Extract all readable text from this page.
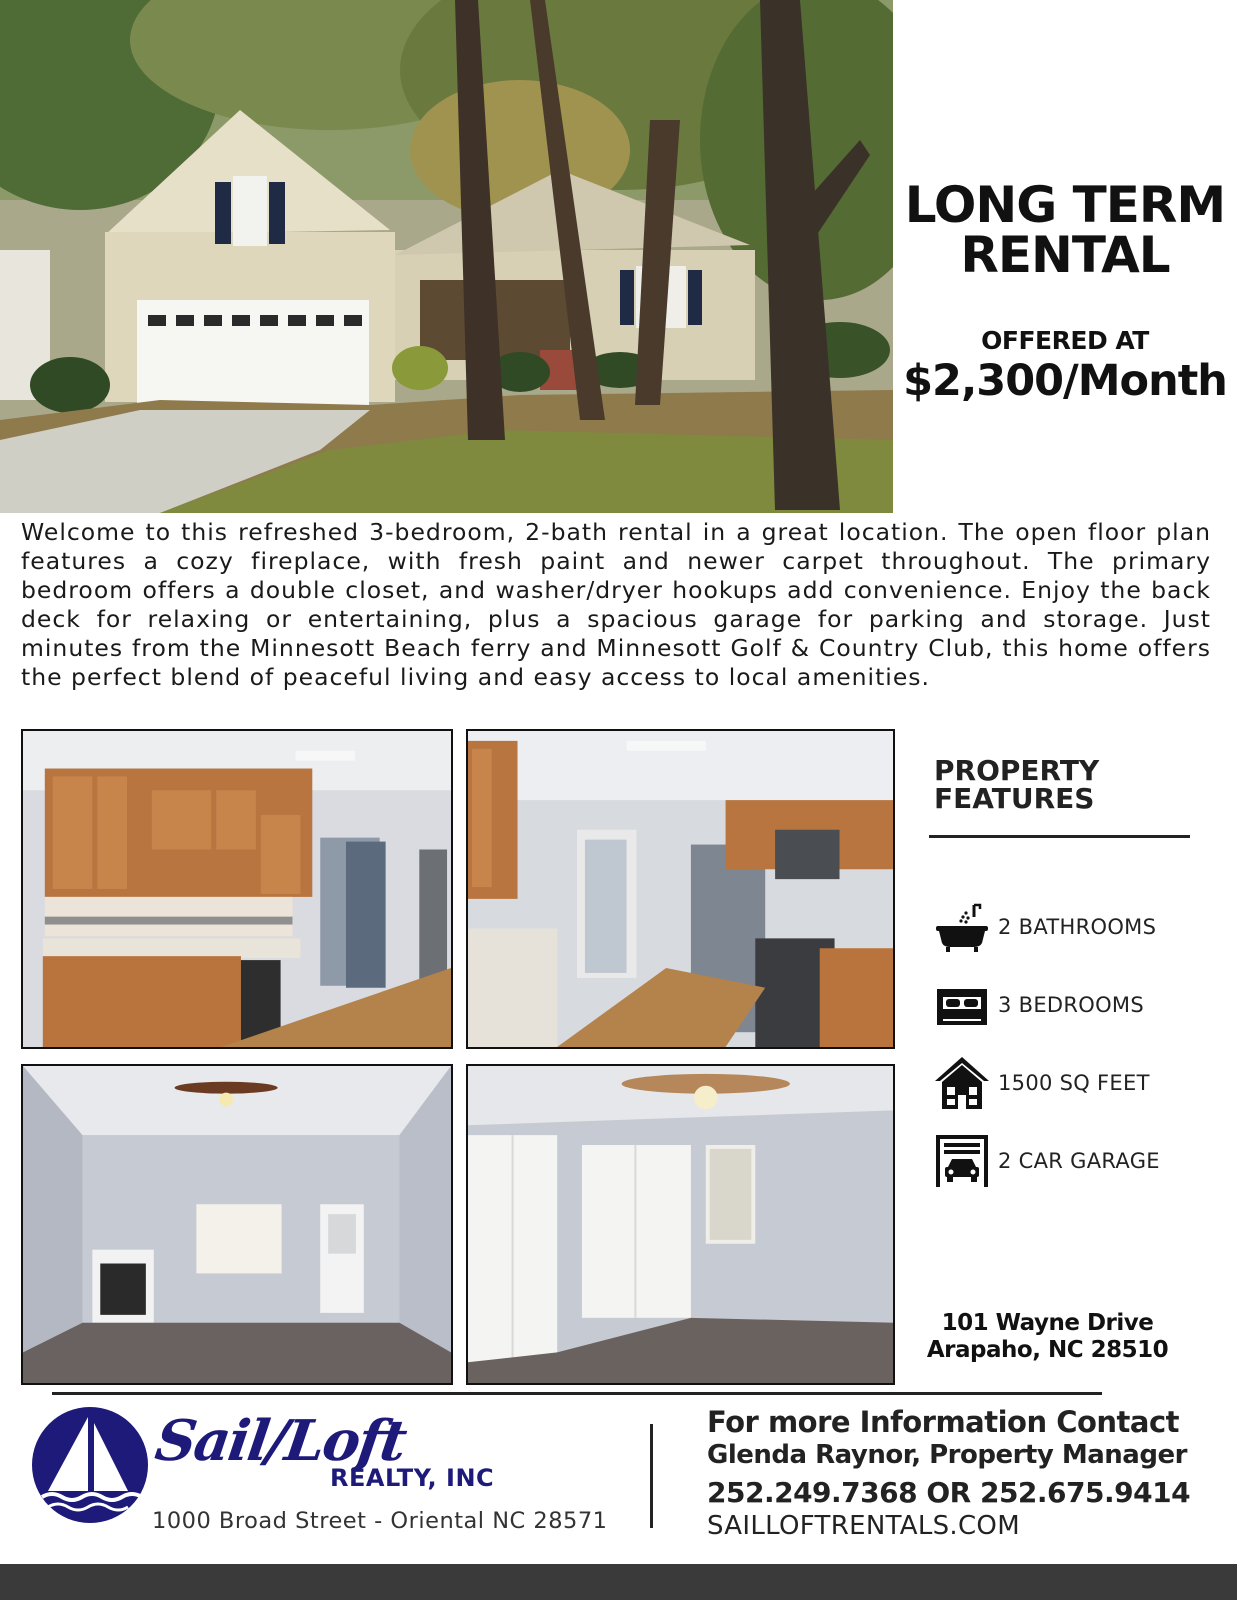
LONG TERM RENTAL
OFFERED AT
$2,300/Month

Welcome to this refreshed 3-bedroom, 2-bath rental in a great location. The open floor plan features a cozy fireplace, with fresh paint and newer carpet throughout. The primary bedroom offers a double closet, and washer/dryer hookups add convenience. Enjoy the back deck for relaxing or entertaining, plus a spacious garage for parking and storage. Just minutes from the Minnesott Beach ferry and Minnesott Golf & Country Club, this home offers the perfect blend of peaceful living and easy access to local amenities.

PROPERTY FEATURES
2 BATHROOMS
3 BEDROOMS
1500 SQ FEET
2 CAR GARAGE
101 Wayne Drive
Arapaho, NC 28510
Sail/Loft
REALTY, INC
1000 Broad Street - Oriental NC 28571
For more Information Contact
Glenda Raynor, Property Manager
252.249.7368 OR 252.675.9414
SAILLOFTRENTALS.COM
